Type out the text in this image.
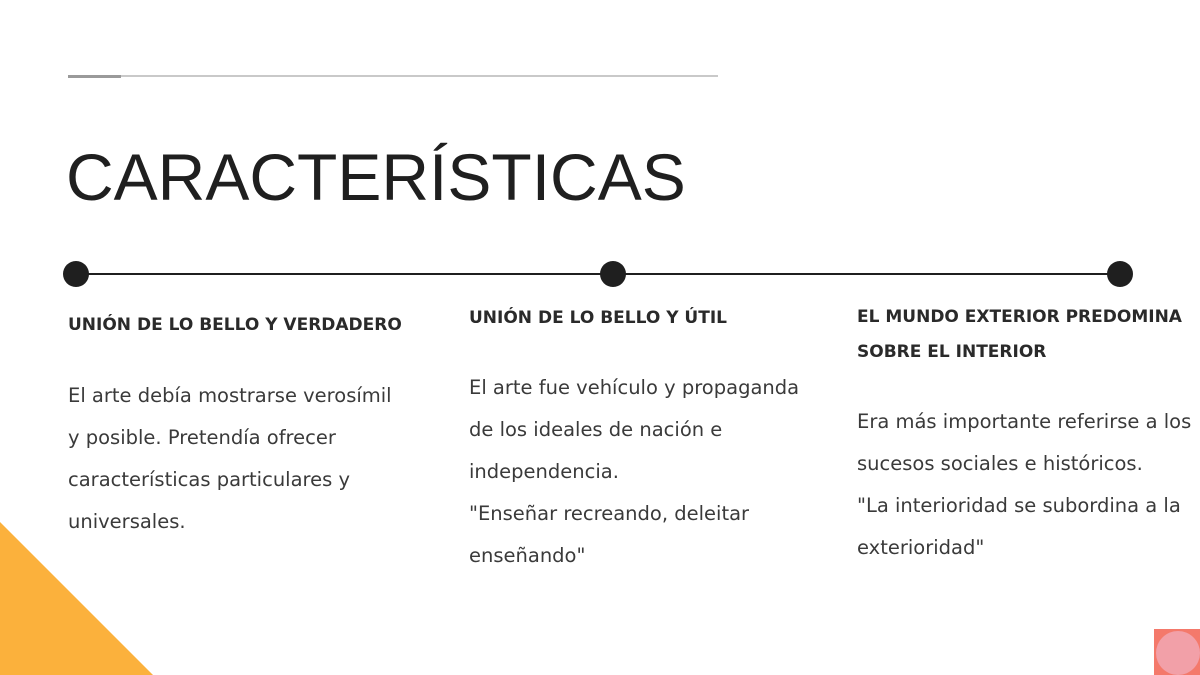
CARACTERÍSTICAS

UNIÓN DE LO BELLO Y VERDADERO

El arte debía mostrarse verosímil y posible. Pretendía ofrecer características particulares y universales.

UNIÓN DE LO BELLO Y ÚTIL

El arte fue vehículo y propaganda de los ideales de nación e independencia.
"Enseñar recreando, deleitar enseñando"

EL MUNDO EXTERIOR PREDOMINA SOBRE EL INTERIOR

Era más importante referirse a los sucesos sociales e históricos.
"La interioridad se subordina a la exterioridad"
